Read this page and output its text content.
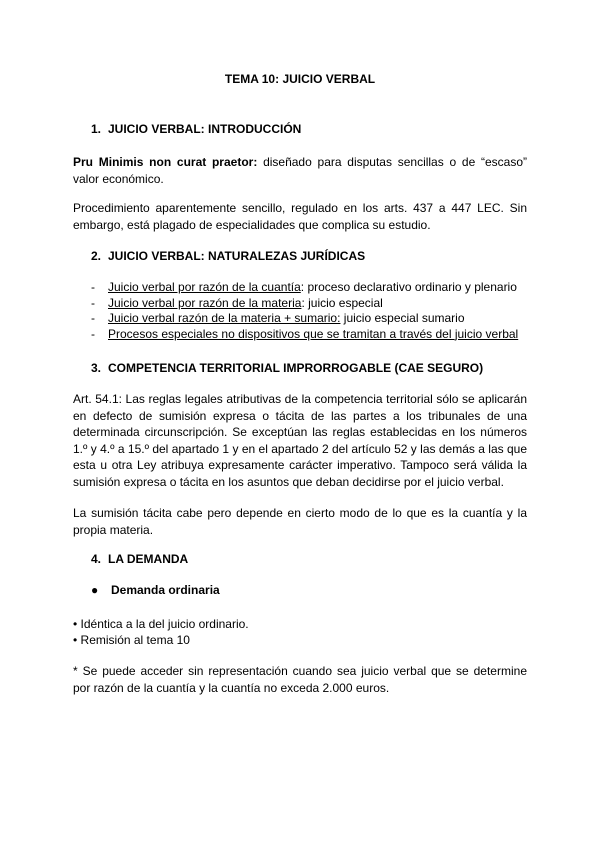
TEMA 10: JUICIO VERBAL
1. JUICIO VERBAL: INTRODUCCIÓN
Pru Minimis non curat praetor: diseñado para disputas sencillas o de “escaso” valor económico.
Procedimiento aparentemente sencillo, regulado en los arts. 437 a 447 LEC. Sin embargo, está plagado de especialidades que complica su estudio.
2. JUICIO VERBAL: NATURALEZAS JURÍDICAS
- Juicio verbal por razón de la cuantía: proceso declarativo ordinario y plenario
- Juicio verbal por razón de la materia: juicio especial
- Juicio verbal razón de la materia + sumario: juicio especial sumario
- Procesos especiales no dispositivos que se tramitan a través del juicio verbal
3. COMPETENCIA TERRITORIAL IMPRORROGABLE (CAE SEGURO)
Art. 54.1: Las reglas legales atributivas de la competencia territorial sólo se aplicarán en defecto de sumisión expresa o tácita de las partes a los tribunales de una determinada circunscripción. Se exceptúan las reglas establecidas en los números 1.º y 4.º a 15.º del apartado 1 y en el apartado 2 del artículo 52 y las demás a las que esta u otra Ley atribuya expresamente carácter imperativo. Tampoco será válida la sumisión expresa o tácita en los asuntos que deban decidirse por el juicio verbal.
La sumisión tácita cabe pero depende en cierto modo de lo que es la cuantía y la propia materia.
4. LA DEMANDA
● Demanda ordinaria
• Idéntica a la del juicio ordinario.
• Remisión al tema 10
* Se puede acceder sin representación cuando sea juicio verbal que se determine por razón de la cuantía y la cuantía no exceda 2.000 euros.
